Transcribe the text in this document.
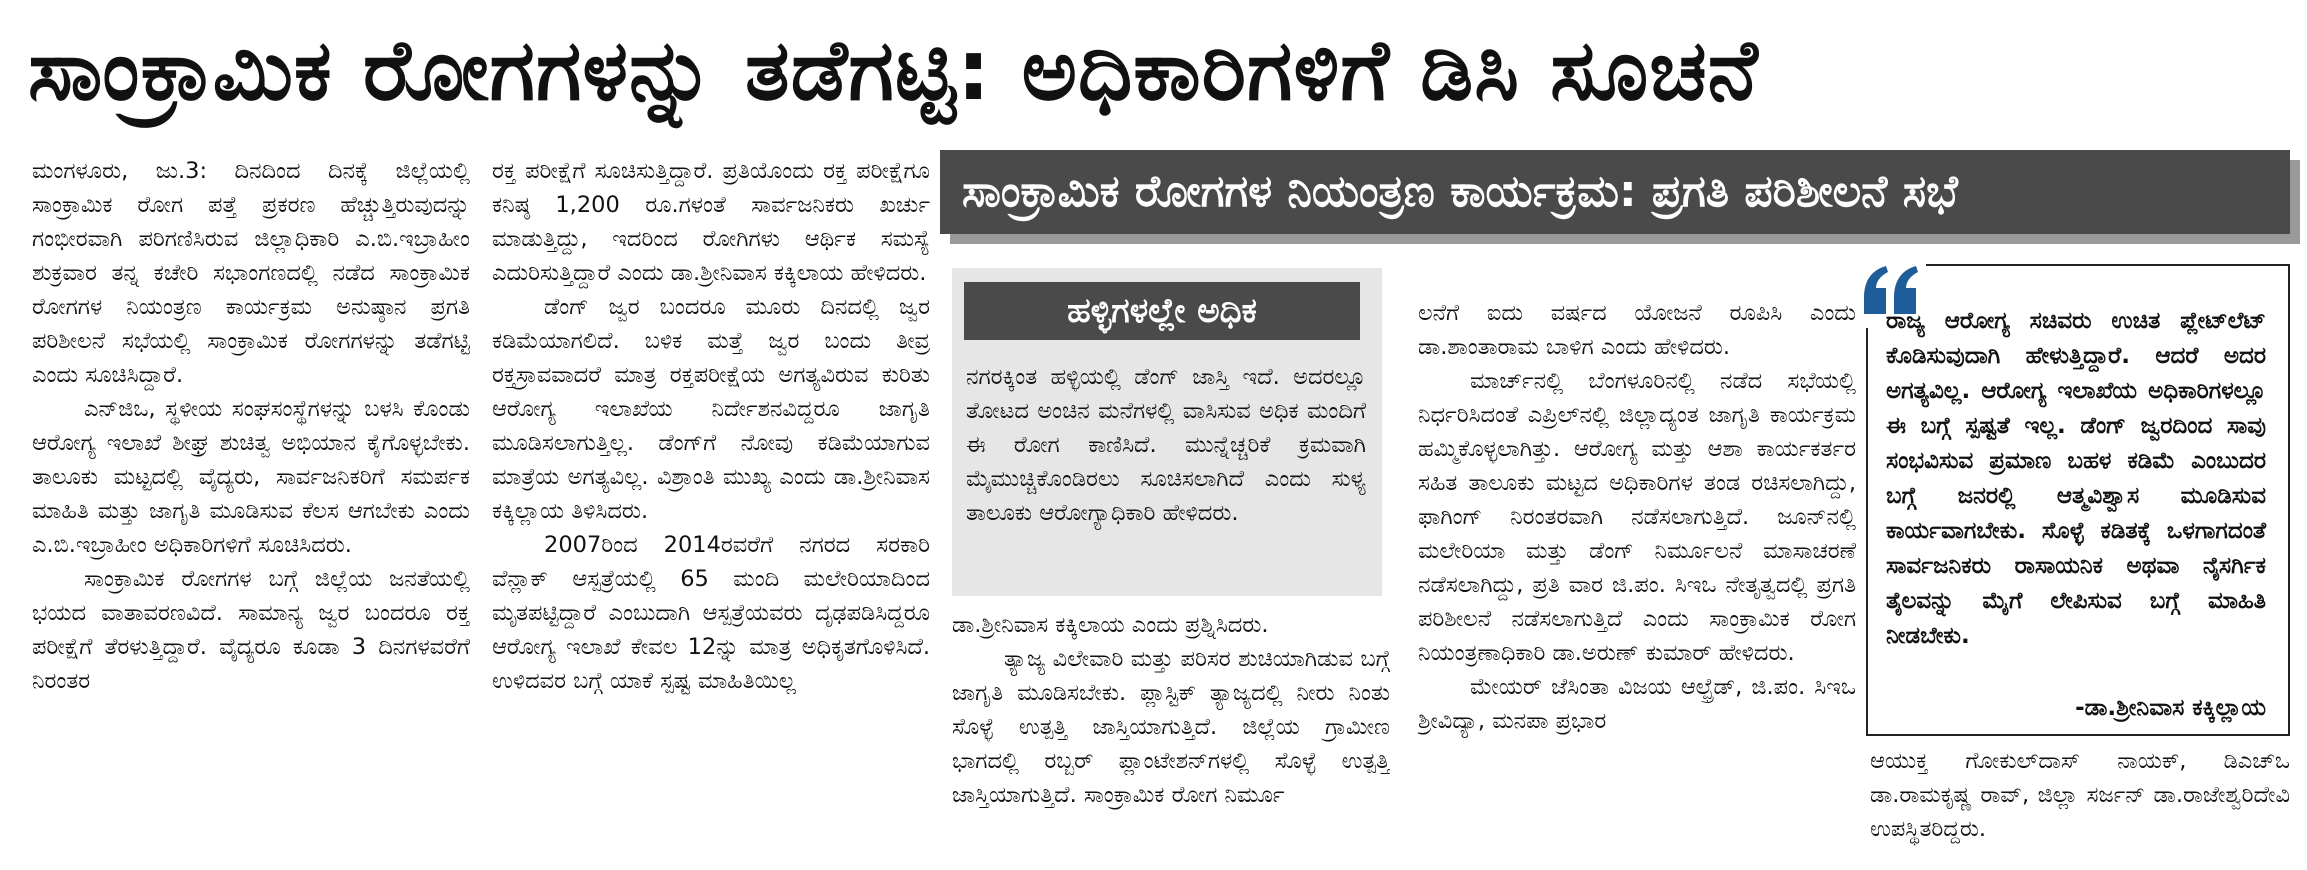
ಸಾಂಕ್ರಾಮಿಕ ರೋಗಗಳನ್ನು ತಡೆಗಟ್ಟಿ: ಅಧಿಕಾರಿಗಳಿಗೆ ಡಿಸಿ ಸೂಚನೆ

ಮಂಗಳೂರು, ಜು.3: ದಿನದಿಂದ ದಿನಕ್ಕೆ ಜಿಲ್ಲೆಯಲ್ಲಿ ಸಾಂಕ್ರಾಮಿಕ ರೋಗ ಪತ್ತೆ ಪ್ರಕರಣ ಹೆಚ್ಚುತ್ತಿರುವುದನ್ನು ಗಂಭೀರವಾಗಿ ಪರಿಗಣಿಸಿರುವ ಜಿಲ್ಲಾಧಿಕಾರಿ ಎ.ಬಿ.ಇಬ್ರಾಹೀಂ ಶುಕ್ರವಾರ ತನ್ನ ಕಚೇರಿ ಸಭಾಂಗಣದಲ್ಲಿ ನಡೆದ ಸಾಂಕ್ರಾಮಿಕ ರೋಗಗಳ ನಿಯಂತ್ರಣ ಕಾರ್ಯಕ್ರಮ ಅನುಷ್ಠಾನ ಪ್ರಗತಿ ಪರಿಶೀಲನೆ ಸಭೆಯಲ್ಲಿ ಸಾಂಕ್ರಾಮಿಕ ರೋಗಗಳನ್ನು ತಡೆಗಟ್ಟಿ ಎಂದು ಸೂಚಿಸಿದ್ದಾರೆ.

ಎನ್‌ಜಿಒ, ಸ್ಥಳೀಯ ಸಂಘಸಂಸ್ಥೆಗಳನ್ನು ಬಳಸಿ ಕೊಂಡು ಆರೋಗ್ಯ ಇಲಾಖೆ ಶೀಘ್ರ ಶುಚಿತ್ವ ಅಭಿಯಾನ ಕೈಗೊಳ್ಳಬೇಕು. ತಾಲೂಕು ಮಟ್ಟದಲ್ಲಿ ವೈದ್ಯರು, ಸಾರ್ವಜನಿಕರಿಗೆ ಸಮರ್ಪಕ ಮಾಹಿತಿ ಮತ್ತು ಜಾಗೃತಿ ಮೂಡಿಸುವ ಕೆಲಸ ಆಗಬೇಕು ಎಂದು ಎ.ಬಿ.ಇಬ್ರಾಹೀಂ ಅಧಿಕಾರಿಗಳಿಗೆ ಸೂಚಿಸಿದರು.

ಸಾಂಕ್ರಾಮಿಕ ರೋಗಗಳ ಬಗ್ಗೆ ಜಿಲ್ಲೆಯ ಜನತೆಯಲ್ಲಿ ಭಯದ ವಾತಾವರಣವಿದೆ. ಸಾಮಾನ್ಯ ಜ್ವರ ಬಂದರೂ ರಕ್ತ ಪರೀಕ್ಷೆಗೆ ತೆರಳುತ್ತಿದ್ದಾರೆ. ವೈದ್ಯರೂ ಕೂಡಾ 3 ದಿನಗಳವರೆಗೆ ನಿರಂತರ

ರಕ್ತ ಪರೀಕ್ಷೆಗೆ ಸೂಚಿಸುತ್ತಿದ್ದಾರೆ. ಪ್ರತಿಯೊಂದು ರಕ್ತ ಪರೀಕ್ಷೆಗೂ ಕನಿಷ್ಠ 1,200 ರೂ.ಗಳಂತೆ ಸಾರ್ವಜನಿಕರು ಖರ್ಚು ಮಾಡುತ್ತಿದ್ದು, ಇದರಿಂದ ರೋಗಿಗಳು ಆರ್ಥಿಕ ಸಮಸ್ಯೆ ಎದುರಿಸುತ್ತಿದ್ದಾರೆ ಎಂದು ಡಾ.ಶ್ರೀನಿವಾಸ ಕಕ್ಕಿಲಾಯ ಹೇಳಿದರು.

ಡೆಂಗ್ ಜ್ವರ ಬಂದರೂ ಮೂರು ದಿನದಲ್ಲಿ ಜ್ವರ ಕಡಿಮೆಯಾಗಲಿದೆ. ಬಳಿಕ ಮತ್ತೆ ಜ್ವರ ಬಂದು ತೀವ್ರ ರಕ್ತಸ್ರಾವವಾದರೆ ಮಾತ್ರ ರಕ್ತಪರೀಕ್ಷೆಯ ಅಗತ್ಯವಿರುವ ಕುರಿತು ಆರೋಗ್ಯ ಇಲಾಖೆಯ ನಿರ್ದೇಶನವಿದ್ದರೂ ಜಾಗೃತಿ ಮೂಡಿಸಲಾಗುತ್ತಿಲ್ಲ. ಡೆಂಗ್‌ಗೆ ನೋವು ಕಡಿಮೆಯಾಗುವ ಮಾತ್ರೆಯ ಅಗತ್ಯವಿಲ್ಲ. ವಿಶ್ರಾಂತಿ ಮುಖ್ಯ ಎಂದು ಡಾ.ಶ್ರೀನಿವಾಸ ಕಕ್ಕಿಲ್ಲಾಯ ತಿಳಿಸಿದರು.

2007ರಿಂದ 2014ರವರೆಗೆ ನಗರದ ಸರಕಾರಿ ವೆನ್ಲಾಕ್ ಆಸ್ಪತ್ರೆಯಲ್ಲಿ 65 ಮಂದಿ ಮಲೇರಿಯಾದಿಂದ ಮೃತಪಟ್ಟಿದ್ದಾರೆ ಎಂಬುದಾಗಿ ಆಸ್ಪತ್ರೆಯವರು ದೃಢಪಡಿಸಿದ್ದರೂ ಆರೋಗ್ಯ ಇಲಾಖೆ ಕೇವಲ 12ನ್ನು ಮಾತ್ರ ಅಧಿಕೃತಗೊಳಿಸಿದೆ. ಉಳಿದವರ ಬಗ್ಗೆ ಯಾಕೆ ಸ್ಪಷ್ಟ ಮಾಹಿತಿಯಿಲ್ಲ

ಸಾಂಕ್ರಾಮಿಕ ರೋಗಗಳ ನಿಯಂತ್ರಣ ಕಾರ್ಯಕ್ರಮ: ಪ್ರಗತಿ ಪರಿಶೀಲನೆ ಸಭೆ
ಹಳ್ಳಿಗಳಲ್ಲೇ ಅಧಿಕ
ನಗರಕ್ಕಿಂತ ಹಳ್ಳಿಯಲ್ಲಿ ಡೆಂಗ್ ಜಾಸ್ತಿ ಇದೆ. ಅದರಲ್ಲೂ ತೋಟದ ಅಂಚಿನ ಮನೆಗಳಲ್ಲಿ ವಾಸಿಸುವ ಅಧಿಕ ಮಂದಿಗೆ ಈ ರೋಗ ಕಾಣಿಸಿದೆ. ಮುನ್ನೆಚ್ಚರಿಕೆ ಕ್ರಮವಾಗಿ ಮೈಮುಚ್ಚಿಕೊಂಡಿರಲು ಸೂಚಿಸಲಾಗಿದೆ ಎಂದು ಸುಳ್ಯ ತಾಲೂಕು ಆರೋಗ್ಯಾಧಿಕಾರಿ ಹೇಳಿದರು.

ಡಾ.ಶ್ರೀನಿವಾಸ ಕಕ್ಕಿಲಾಯ ಎಂದು ಪ್ರಶ್ನಿಸಿದರು.

ತ್ಯಾಜ್ಯ ವಿಲೇವಾರಿ ಮತ್ತು ಪರಿಸರ ಶುಚಿಯಾಗಿಡುವ ಬಗ್ಗೆ ಜಾಗೃತಿ ಮೂಡಿಸಬೇಕು. ಪ್ಲಾಸ್ಟಿಕ್ ತ್ಯಾಜ್ಯದಲ್ಲಿ ನೀರು ನಿಂತು ಸೊಳ್ಳೆ ಉತ್ಪತ್ತಿ ಜಾಸ್ತಿಯಾಗುತ್ತಿದೆ. ಜಿಲ್ಲೆಯ ಗ್ರಾಮೀಣ ಭಾಗದಲ್ಲಿ ರಬ್ಬರ್ ಪ್ಲಾಂಟೇಶನ್‌ಗಳಲ್ಲಿ ಸೊಳ್ಳೆ ಉತ್ಪತ್ತಿ ಜಾಸ್ತಿಯಾಗುತ್ತಿದೆ. ಸಾಂಕ್ರಾಮಿಕ ರೋಗ ನಿರ್ಮೂ

ಲನೆಗೆ ಐದು ವರ್ಷದ ಯೋಜನೆ ರೂಪಿಸಿ ಎಂದು ಡಾ.ಶಾಂತಾರಾಮ ಬಾಳಿಗ ಎಂದು ಹೇಳಿದರು.

ಮಾರ್ಚ್‌ನಲ್ಲಿ ಬೆಂಗಳೂರಿನಲ್ಲಿ ನಡೆದ ಸಭೆಯಲ್ಲಿ ನಿರ್ಧರಿಸಿದಂತೆ ಎಪ್ರಿಲ್‌ನಲ್ಲಿ ಜಿಲ್ಲಾದ್ಯಂತ ಜಾಗೃತಿ ಕಾರ್ಯಕ್ರಮ ಹಮ್ಮಿಕೊಳ್ಳಲಾಗಿತ್ತು. ಆರೋಗ್ಯ ಮತ್ತು ಆಶಾ ಕಾರ್ಯಕರ್ತರ ಸಹಿತ ತಾಲೂಕು ಮಟ್ಟದ ಅಧಿಕಾರಿಗಳ ತಂಡ ರಚಿಸಲಾಗಿದ್ದು, ಫಾಗಿಂಗ್ ನಿರಂತರವಾಗಿ ನಡೆಸಲಾಗುತ್ತಿದೆ. ಜೂನ್‌ನಲ್ಲಿ ಮಲೇರಿಯಾ ಮತ್ತು ಡೆಂಗ್ ನಿರ್ಮೂಲನೆ ಮಾಸಾಚರಣೆ ನಡೆಸಲಾಗಿದ್ದು, ಪ್ರತಿ ವಾರ ಜಿ.ಪಂ. ಸಿಇಒ ನೇತೃತ್ವದಲ್ಲಿ ಪ್ರಗತಿ ಪರಿಶೀಲನೆ ನಡೆಸಲಾಗುತ್ತಿದೆ ಎಂದು ಸಾಂಕ್ರಾಮಿಕ ರೋಗ ನಿಯಂತ್ರಣಾಧಿಕಾರಿ ಡಾ.ಅರುಣ್ ಕುಮಾರ್ ಹೇಳಿದರು.

ಮೇಯರ್ ಜೆಸಿಂತಾ ವಿಜಯ ಆಲ್ಫ್ರೆಡ್, ಜಿ.ಪಂ. ಸಿಇಒ ಶ್ರೀವಿದ್ಯಾ, ಮನಪಾ ಪ್ರಭಾರ

ರಾಜ್ಯ ಆರೋಗ್ಯ ಸಚಿವರು ಉಚಿತ ಪ್ಲೇಟ್‌ಲೆಟ್ ಕೊಡಿಸುವುದಾಗಿ ಹೇಳುತ್ತಿದ್ದಾರೆ. ಆದರೆ ಅದರ ಅಗತ್ಯವಿಲ್ಲ. ಆರೋಗ್ಯ ಇಲಾಖೆಯ ಅಧಿಕಾರಿಗಳಲ್ಲೂ ಈ ಬಗ್ಗೆ ಸ್ಪಷ್ಟತೆ ಇಲ್ಲ. ಡೆಂಗ್ ಜ್ವರದಿಂದ ಸಾವು ಸಂಭವಿಸುವ ಪ್ರಮಾಣ ಬಹಳ ಕಡಿಮೆ ಎಂಬುದರ ಬಗ್ಗೆ ಜನರಲ್ಲಿ ಆತ್ಮವಿಶ್ವಾಸ ಮೂಡಿಸುವ ಕಾರ್ಯವಾಗಬೇಕು. ಸೊಳ್ಳೆ ಕಡಿತಕ್ಕೆ ಒಳಗಾಗದಂತೆ ಸಾರ್ವಜನಿಕರು ರಾಸಾಯನಿಕ ಅಥವಾ ನೈಸರ್ಗಿಕ ತೈಲವನ್ನು ಮೈಗೆ ಲೇಪಿಸುವ ಬಗ್ಗೆ ಮಾಹಿತಿ ನೀಡಬೇಕು.
-ಡಾ.ಶ್ರೀನಿವಾಸ ಕಕ್ಕಿಲ್ಲಾಯ

ಆಯುಕ್ತ ಗೋಕುಲ್‌ದಾಸ್ ನಾಯಕ್, ಡಿಎಚ್‌ಒ ಡಾ.ರಾಮಕೃಷ್ಣ ರಾವ್, ಜಿಲ್ಲಾ ಸರ್ಜನ್ ಡಾ.ರಾಜೇಶ್ವರಿದೇವಿ ಉಪಸ್ಥಿತರಿದ್ದರು.
